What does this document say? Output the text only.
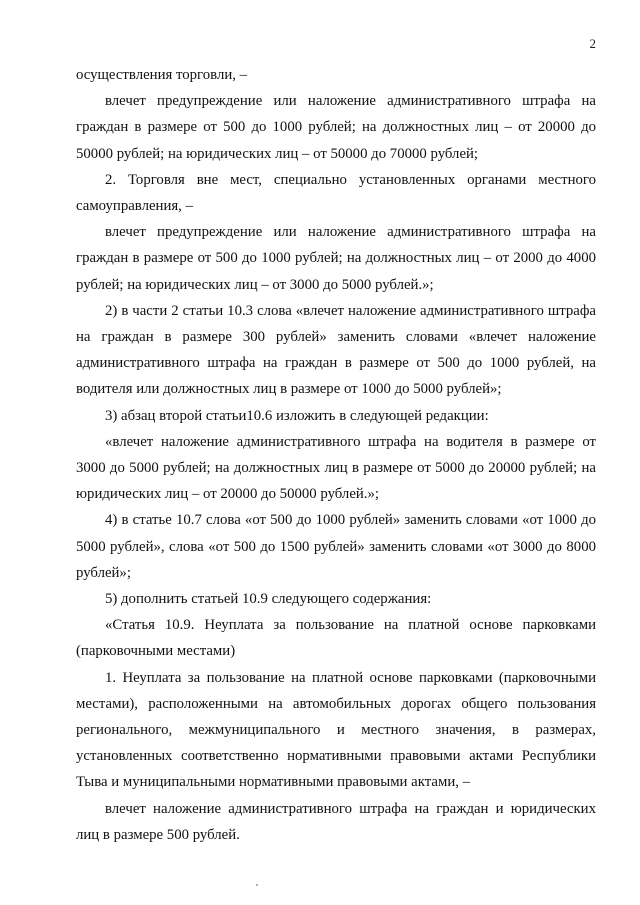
2

осуществления торговли, –

влечет предупреждение или наложение административного штрафа на граждан в размере от 500 до 1000 рублей; на должностных лиц – от 20000 до 50000 рублей; на юридических лиц – от 50000 до 70000 рублей;

2. Торговля вне мест, специально установленных органами местного самоуправления, –

влечет предупреждение или наложение административного штрафа на граждан в размере от 500 до 1000 рублей; на должностных лиц – от 2000 до 4000 рублей; на юридических лиц – от 3000 до 5000 рублей.»;

2) в части 2 статьи 10.3 слова «влечет наложение административного штрафа на граждан в размере 300 рублей» заменить словами «влечет наложение административного штрафа на граждан в размере от 500 до 1000 рублей, на водителя или должностных лиц в размере от 1000 до 5000 рублей»;

3) абзац второй статьи10.6 изложить в следующей редакции:

«влечет наложение административного штрафа на водителя в размере от 3000 до 5000 рублей; на должностных лиц в размере от 5000 до 20000 рублей; на юридических лиц – от 20000 до 50000 рублей.»;

4) в статье 10.7 слова «от 500 до 1000 рублей» заменить словами «от 1000 до 5000 рублей», слова «от 500 до 1500 рублей» заменить словами «от 3000 до 8000 рублей»;

5) дополнить статьей 10.9 следующего содержания:

«Статья 10.9. Неуплата за пользование на платной основе парковками (парковочными местами)

1. Неуплата за пользование на платной основе парковками (парковочными местами), расположенными на автомобильных дорогах общего пользования регионального, межмуниципального и местного значения, в размерах, установленных соответственно нормативными правовыми актами Республики Тыва и муниципальными нормативными правовыми актами, –

влечет наложение административного штрафа на граждан и юридических лиц в размере 500 рублей.
